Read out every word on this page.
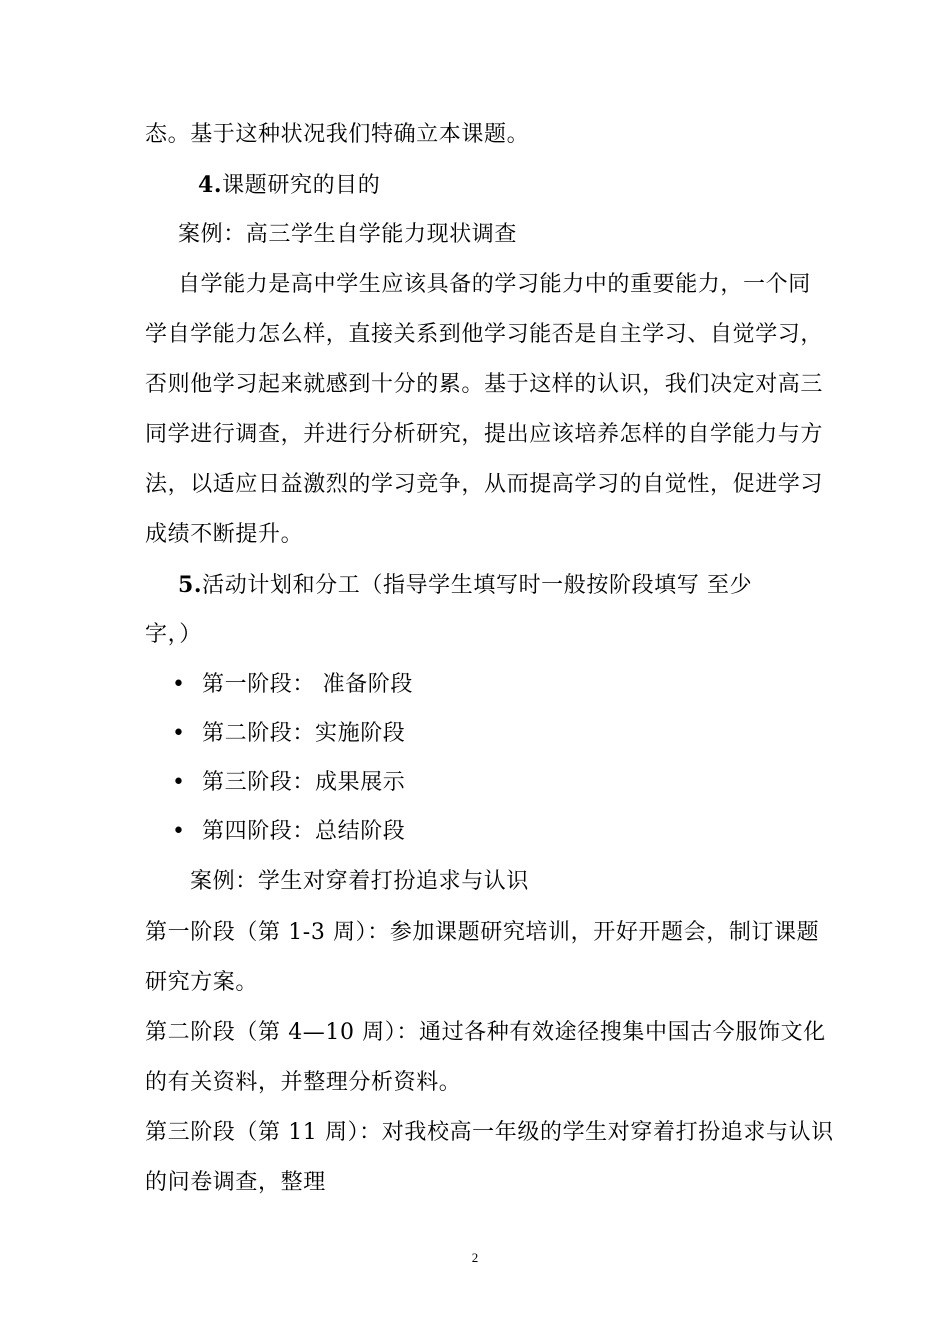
态。基于这种状况我们特确立本课题。
4.课题研究的目的
案例：高三学生自学能力现状调查
自学能力是高中学生应该具备的学习能力中的重要能力，一个同
学自学能力怎么样，直接关系到他学习能否是自主学习、自觉学习，
否则他学习起来就感到十分的累。基于这样的认识，我们决定对高三
同学进行调查，并进行分析研究，提出应该培养怎样的自学能力与方
法，以适应日益激烈的学习竞争，从而提高学习的自觉性，促进学习
成绩不断提升。
5.活动计划和分工（指导学生填写时一般按阶段填写 至少
字，）
• 第一阶段： 准备阶段
• 第二阶段：实施阶段
• 第三阶段：成果展示
• 第四阶段：总结阶段
案例：学生对穿着打扮追求与认识
第一阶段（第 1-3 周）：参加课题研究培训，开好开题会，制订课题
研究方案。
第二阶段（第 4—10 周）：通过各种有效途径搜集中国古今服饰文化
的有关资料，并整理分析资料。
第三阶段（第 11 周）：对我校高一年级的学生对穿着打扮追求与认识
的问卷调查，整理
2
